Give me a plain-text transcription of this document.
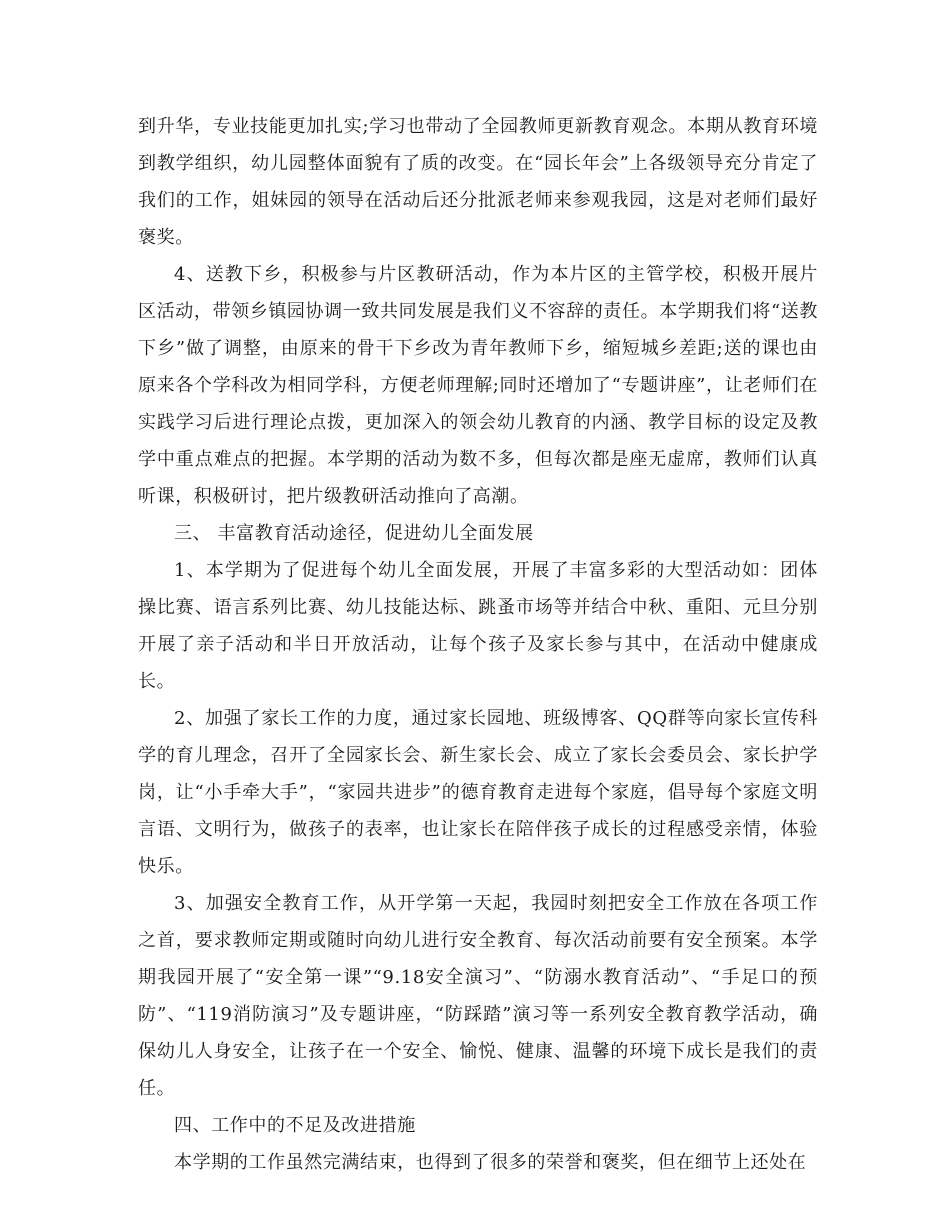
到升华，专业技能更加扎实;学习也带动了全园教师更新教育观念。本期从教育环境到教学组织，幼儿园整体面貌有了质的改变。在“园长年会”上各级领导充分肯定了我们的工作，姐妹园的领导在活动后还分批派老师来参观我园，这是对老师们最好褒奖。

4、送教下乡，积极参与片区教研活动，作为本片区的主管学校，积极开展片区活动，带领乡镇园协调一致共同发展是我们义不容辞的责任。本学期我们将“送教下乡”做了调整，由原来的骨干下乡改为青年教师下乡，缩短城乡差距;送的课也由原来各个学科改为相同学科，方便老师理解;同时还增加了“专题讲座”，让老师们在实践学习后进行理论点拨，更加深入的领会幼儿教育的内涵、教学目标的设定及教学中重点难点的把握。本学期的活动为数不多，但每次都是座无虚席，教师们认真听课，积极研讨，把片级教研活动推向了高潮。

三、 丰富教育活动途径，促进幼儿全面发展

1、本学期为了促进每个幼儿全面发展，开展了丰富多彩的大型活动如：团体操比赛、语言系列比赛、幼儿技能达标、跳蚤市场等并结合中秋、重阳、元旦分别开展了亲子活动和半日开放活动，让每个孩子及家长参与其中，在活动中健康成长。

2、加强了家长工作的力度，通过家长园地、班级博客、QQ群等向家长宣传科学的育儿理念，召开了全园家长会、新生家长会、成立了家长会委员会、家长护学岗，让“小手牵大手”，“家园共进步”的德育教育走进每个家庭，倡导每个家庭文明言语、文明行为，做孩子的表率，也让家长在陪伴孩子成长的过程感受亲情，体验快乐。

3、加强安全教育工作，从开学第一天起，我园时刻把安全工作放在各项工作之首，要求教师定期或随时向幼儿进行安全教育、每次活动前要有安全预案。本学期我园开展了“安全第一课”“9.18安全演习”、“防溺水教育活动”、“手足口的预防”、“119消防演习”及专题讲座，“防踩踏”演习等一系列安全教育教学活动，确保幼儿人身安全，让孩子在一个安全、愉悦、健康、温馨的环境下成长是我们的责任。

四、工作中的不足及改进措施

本学期的工作虽然完满结束，也得到了很多的荣誉和褒奖，但在细节上还处在
